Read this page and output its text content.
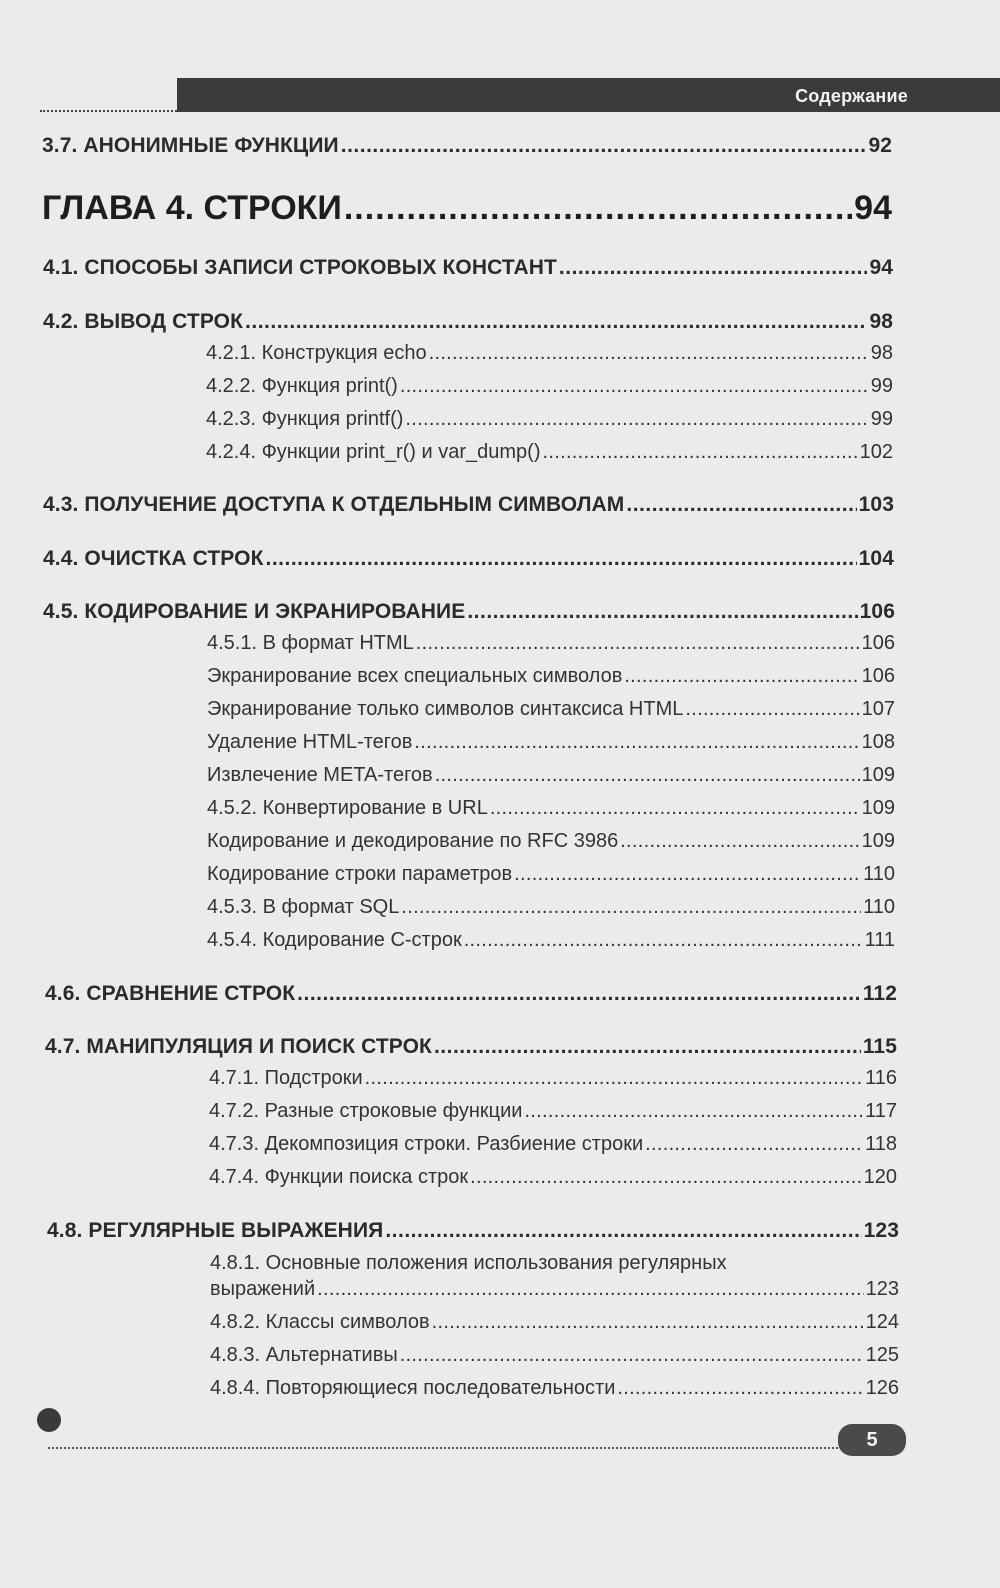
Содержание
3.7. АНОНИМНЫЕ ФУНКЦИИ .....	92
ГЛАВА 4. СТРОКИ .....	94
4.1. СПОСОБЫ ЗАПИСИ СТРОКОВЫХ КОНСТАНТ .....	94
4.2. ВЫВОД СТРОК .....	98
4.2.1. Конструкция echo .....	98
4.2.2. Функция print() .....	99
4.2.3. Функция printf() .....	99
4.2.4. Функции print_r() и var_dump() .....	102
4.3. ПОЛУЧЕНИЕ ДОСТУПА К ОТДЕЛЬНЫМ СИМВОЛАМ .....	103
4.4. ОЧИСТКА СТРОК .....	104
4.5. КОДИРОВАНИЕ И ЭКРАНИРОВАНИЕ .....	106
4.5.1. В формат HTML .....	106
Экранирование всех специальных символов .....	106
Экранирование только символов синтаксиса HTML .....	107
Удаление HTML-тегов .....	108
Извлечение META-тегов .....	109
4.5.2. Конвертирование в URL .....	109
Кодирование и декодирование по RFC 3986 .....	109
Кодирование строки параметров .....	110
4.5.3. В формат SQL .....	110
4.5.4. Кодирование С-строк .....	111
4.6. СРАВНЕНИЕ СТРОК .....	112
4.7. МАНИПУЛЯЦИЯ И ПОИСК СТРОК .....	115
4.7.1. Подстроки .....	116
4.7.2. Разные строковые функции .....	117
4.7.3. Декомпозиция строки. Разбиение строки .....	118
4.7.4. Функции поиска строк .....	120
4.8. РЕГУЛЯРНЫЕ ВЫРАЖЕНИЯ .....	123
4.8.1. Основные положения использования регулярных
выражений .....	123
4.8.2. Классы символов .....	124
4.8.3. Альтернативы .....	125
4.8.4. Повторяющиеся последовательности .....	126
5
